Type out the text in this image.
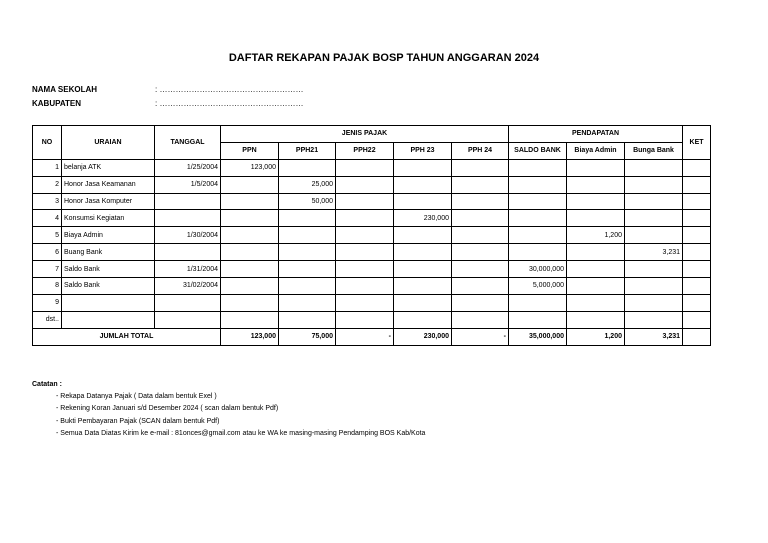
DAFTAR REKAPAN PAJAK BOSP TAHUN ANGGARAN 2024
NAMA SEKOLAH	: ………………………………………………
KABUPATEN	: ………………………………………………
NO	URAIAN	TANGGAL	JENIS PAJAK					PENDAPATAN			KET
			PPN	PPH21	PPH22	PPH 23	PPH 24	SALDO BANK	Biaya Admin	Bunga Bank	
1	belanja ATK	1/25/2004	123,000								
2	Honor Jasa Keamanan	1/5/2004		25,000							
3	Honor Jasa Komputer			50,000							
4	Konsumsi Kegiatan					230,000					
5	Biaya Admin	1/30/2004							1,200		
6	Buang Bank									3,231	
7	Saldo Bank	1/31/2004						30,000,000			
8	Saldo Bank	31/02/2004						5,000,000			
9											
dst..											
JUMLAH TOTAL			123,000	75,000	-	230,000	-	35,000,000	1,200	3,231	
Catatan :
- Rekapa Datanya Pajak ( Data dalam bentuk Exel )
- Rekening Koran Januari s/d Desember 2024 ( scan dalam bentuk Pdf)
- Bukti Pembayaran Pajak (SCAN dalam bentuk Pdf)
- Semua Data Diatas Kirim ke e-mail : 81onces@gmail.com atau ke WA ke masing-masing Pendamping BOS Kab/Kota
